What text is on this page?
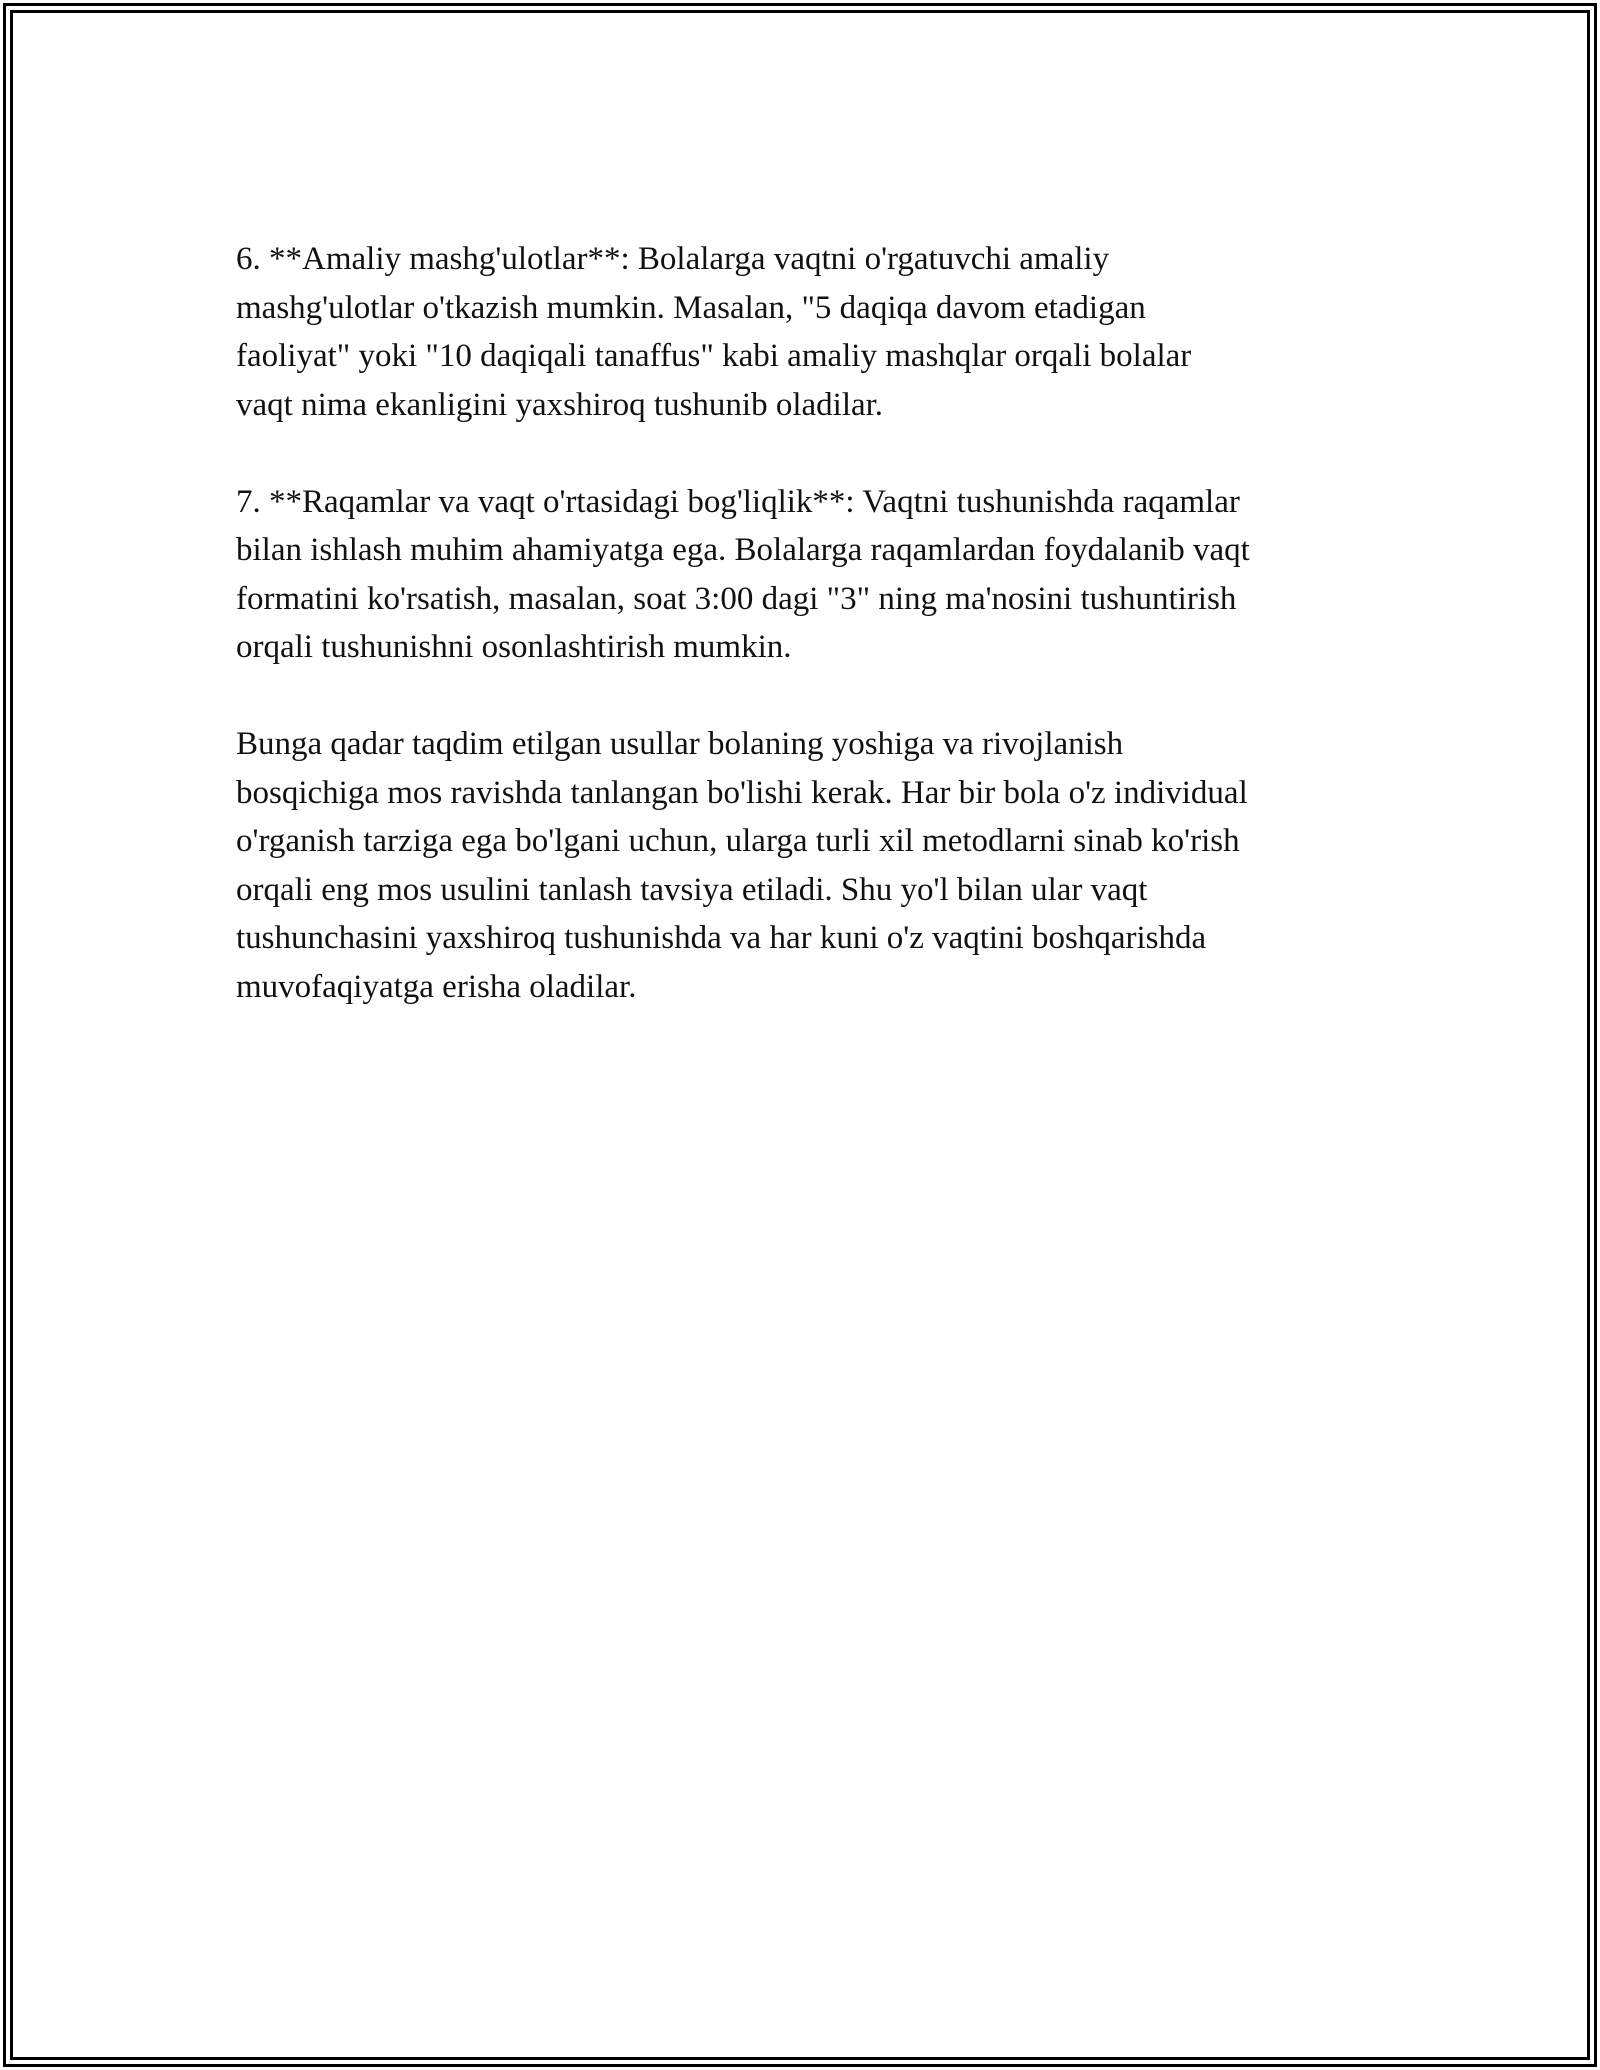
6. **Amaliy mashg'ulotlar**: Bolalarga vaqtni o'rgatuvchi amaliy
mashg'ulotlar o'tkazish mumkin. Masalan, "5 daqiqa davom etadigan
faoliyat" yoki "10 daqiqali tanaffus" kabi amaliy mashqlar orqali bolalar
vaqt nima ekanligini yaxshiroq tushunib oladilar.

7. **Raqamlar va vaqt o'rtasidagi bog'liqlik**: Vaqtni tushunishda raqamlar
bilan ishlash muhim ahamiyatga ega. Bolalarga raqamlardan foydalanib vaqt
formatini ko'rsatish, masalan, soat 3:00 dagi "3" ning ma'nosini tushuntirish
orqali tushunishni osonlashtirish mumkin.

Bunga qadar taqdim etilgan usullar bolaning yoshiga va rivojlanish
bosqichiga mos ravishda tanlangan bo'lishi kerak. Har bir bola o'z individual
o'rganish tarziga ega bo'lgani uchun, ularga turli xil metodlarni sinab ko'rish
orqali eng mos usulini tanlash tavsiya etiladi. Shu yo'l bilan ular vaqt
tushunchasini yaxshiroq tushunishda va har kuni o'z vaqtini boshqarishda
muvofaqiyatga erisha oladilar.
